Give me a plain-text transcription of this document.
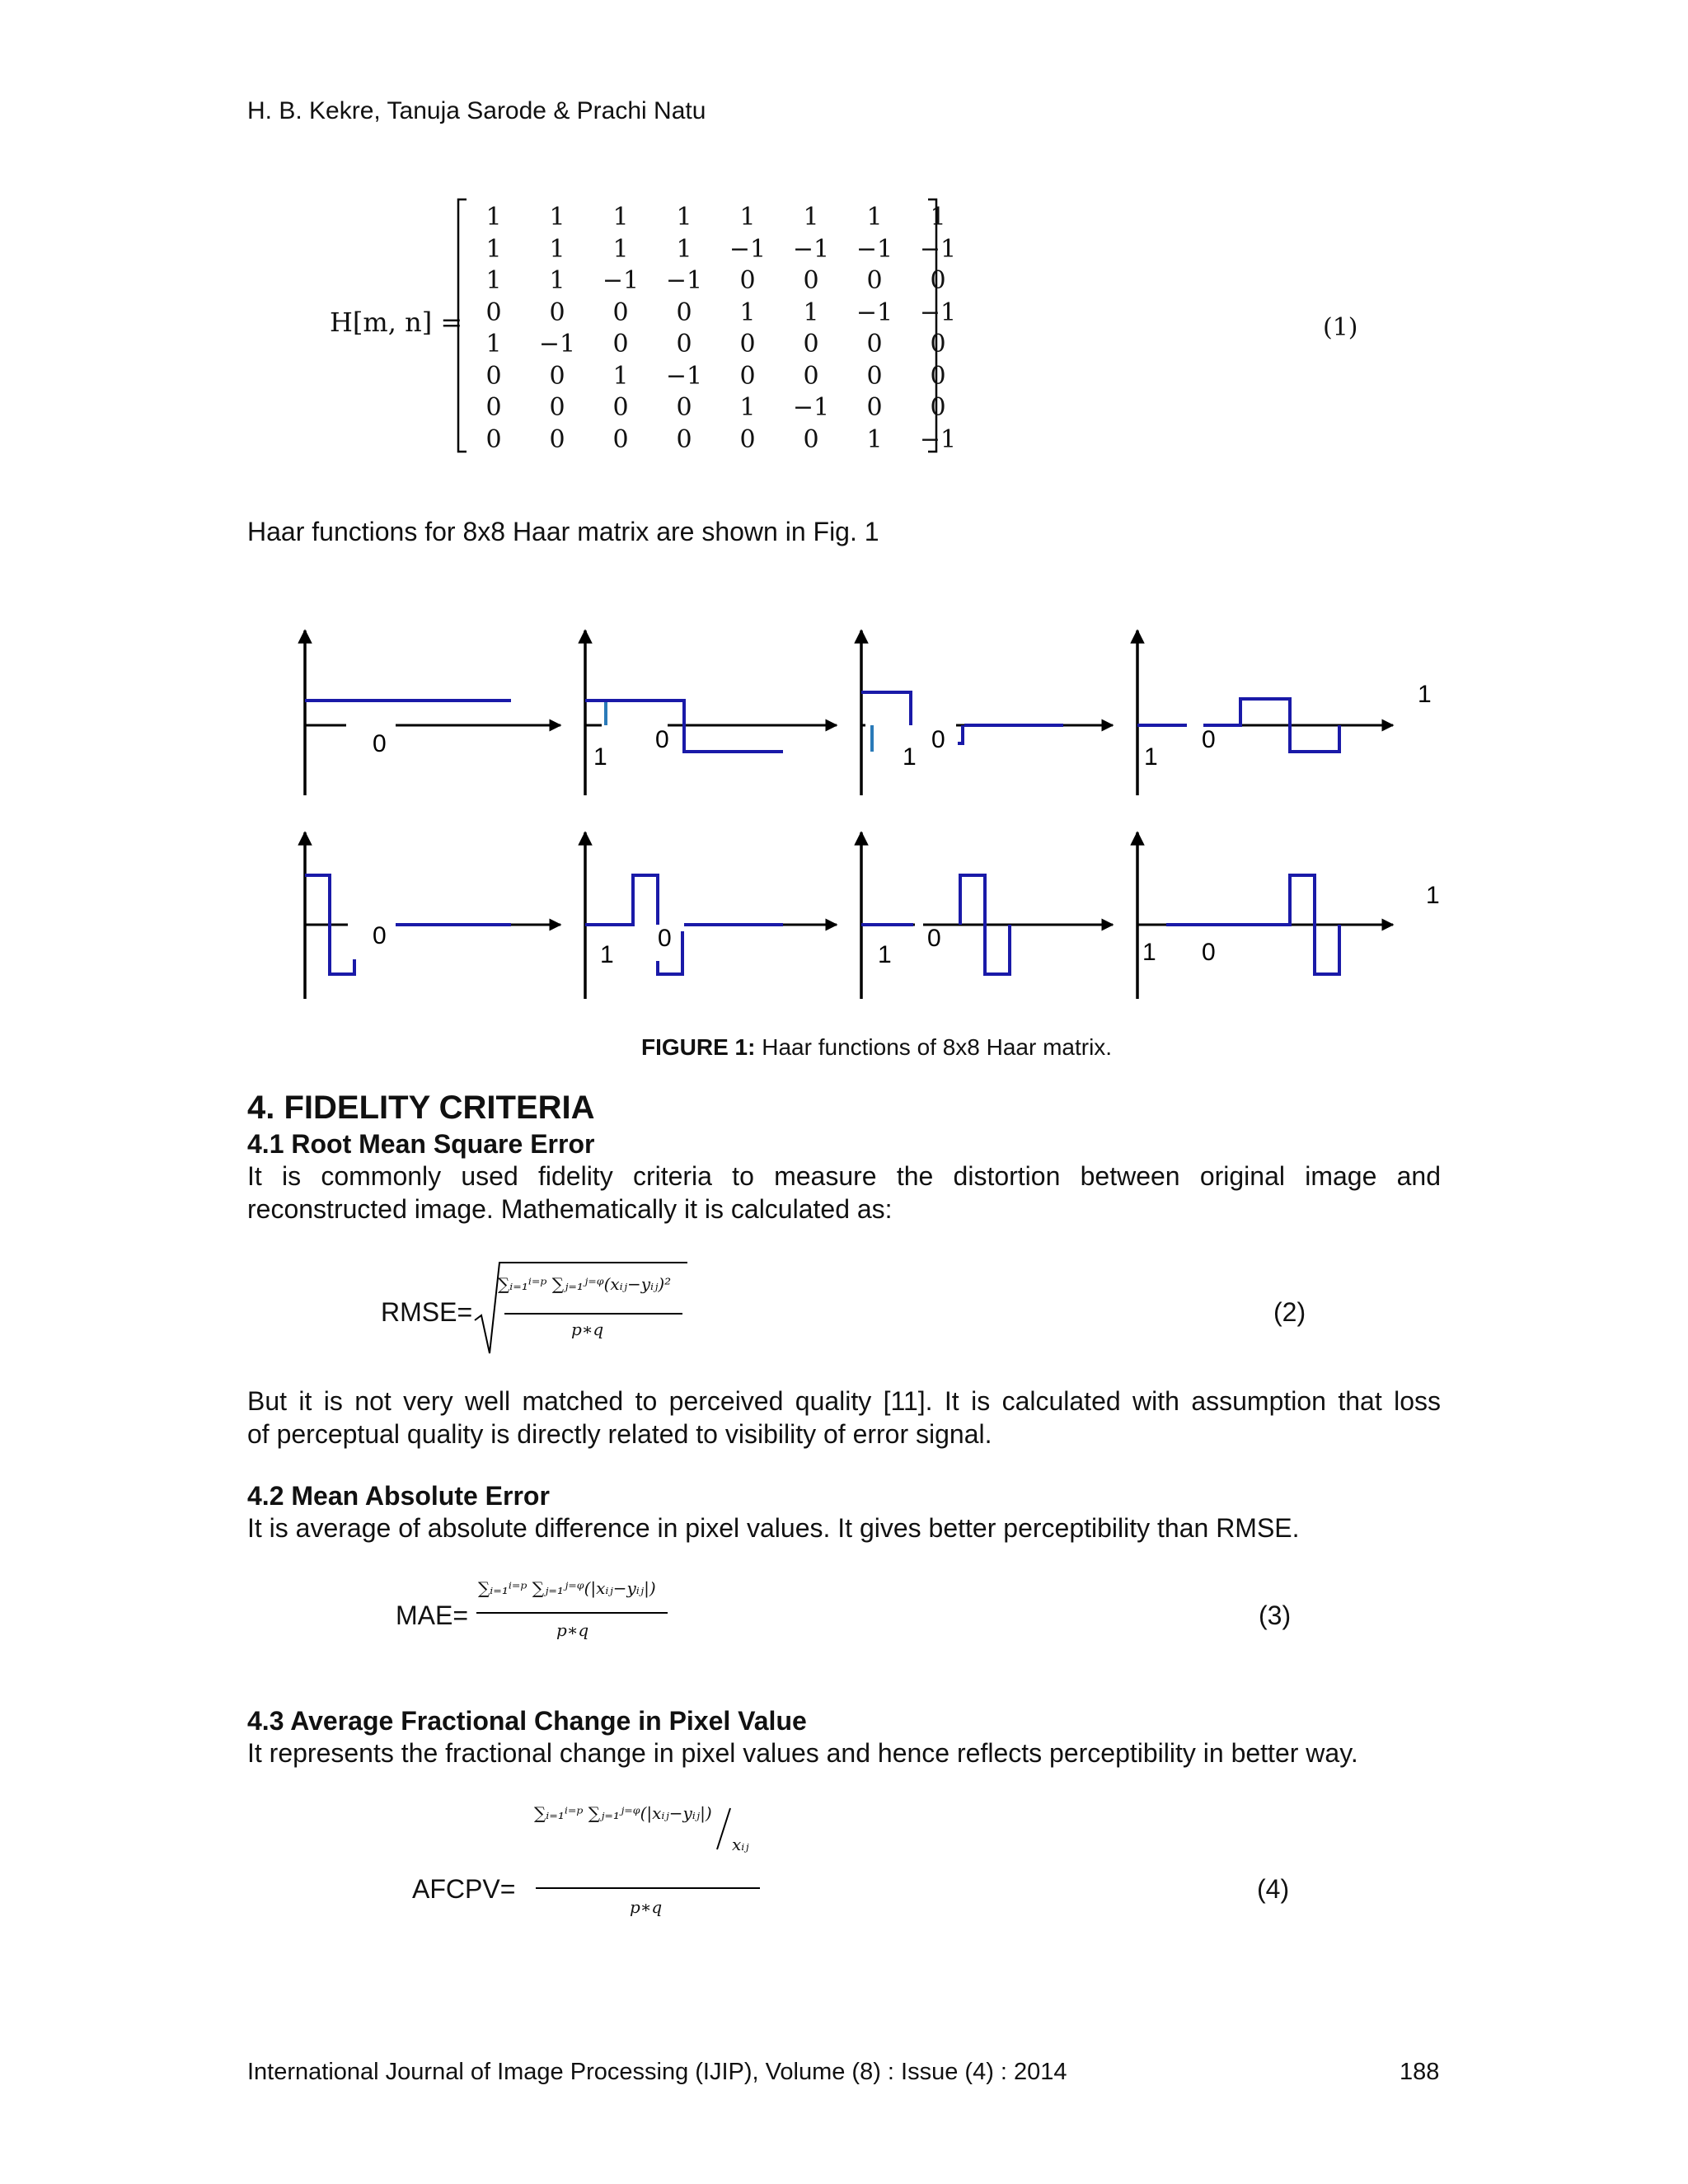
H. B. Kekre, Tanuja Sarode & Prachi Natu
H[m, n] =
1	1	1	1	1	1	1	1
1	1	1	1	−1	−1	−1	−1
1	1	−1	−1	0	0	0	0
0	0	0	0	1	1	−1	−1
1	−1	0	0	0	0	0	0
0	0	1	−1	0	0	0	0
0	0	0	0	1	−1	0	0
0	0	0	0	0	0	1	−1
(1)
Haar functions for 8x8 Haar matrix are shown in Fig. 1
0	1
0
1
0
1
0
1
0
1
0
1
0
1 0
1
FIGURE 1: Haar functions of 8x8 Haar matrix.
4. FIDELITY CRITERIA
4.1 Root Mean Square Error
It is commonly used fidelity criteria to measure the distortion between original image and
reconstructed image. Mathematically it is calculated as:
RMSE=
∑ᵢ₌₁ⁱ⁼ᵖ ∑ⱼ₌₁ʲ⁼ᵠ(xᵢⱼ−yᵢⱼ)²
p∗q
(2)
But it is not very well matched to perceived quality [11]. It is calculated with assumption that loss
of perceptual quality is directly related to visibility of error signal.
4.2 Mean Absolute Error
It is average of absolute difference in pixel values. It gives better perceptibility than RMSE.
MAE=
∑ᵢ₌₁ⁱ⁼ᵖ ∑ⱼ₌₁ʲ⁼ᵠ(|xᵢⱼ−yᵢⱼ|)
p∗q	(3)
4.3 Average Fractional Change in Pixel Value
It represents the fractional change in pixel values and hence reflects perceptibility in better way.
∑ᵢ₌₁ⁱ⁼ᵖ ∑ⱼ₌₁ʲ⁼ᵠ(|xᵢⱼ−yᵢⱼ|)
xᵢⱼ
AFCPV=
p∗q
(4)
International Journal of Image Processing (IJIP), Volume (8) : Issue (4) : 2014	188
